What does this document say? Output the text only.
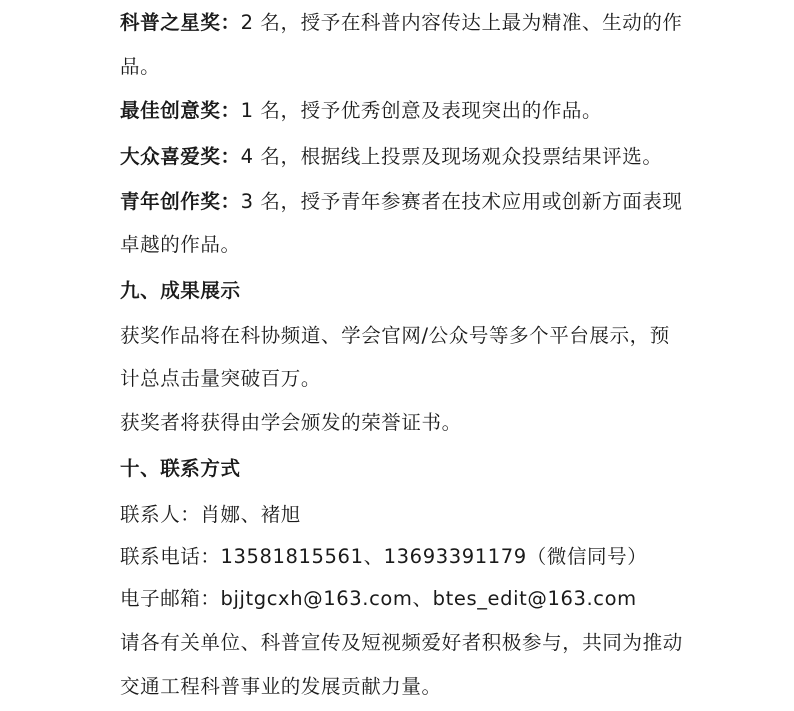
科普之星奖：2 名，授予在科普内容传达上最为精准、生动的作
品。
最佳创意奖：1 名，授予优秀创意及表现突出的作品。
大众喜爱奖：4 名，根据线上投票及现场观众投票结果评选。
青年创作奖：3 名，授予青年参赛者在技术应用或创新方面表现
卓越的作品。
九、成果展示
获奖作品将在科协频道、学会官网/公众号等多个平台展示，预
计总点击量突破百万。
获奖者将获得由学会颁发的荣誉证书。
十、联系方式
联系人：肖娜、褚旭
联系电话：13581815561、13693391179（微信同号）
电子邮箱：bjjtgcxh@163.com、btes_edit@163.com
请各有关单位、科普宣传及短视频爱好者积极参与，共同为推动
交通工程科普事业的发展贡献力量。
